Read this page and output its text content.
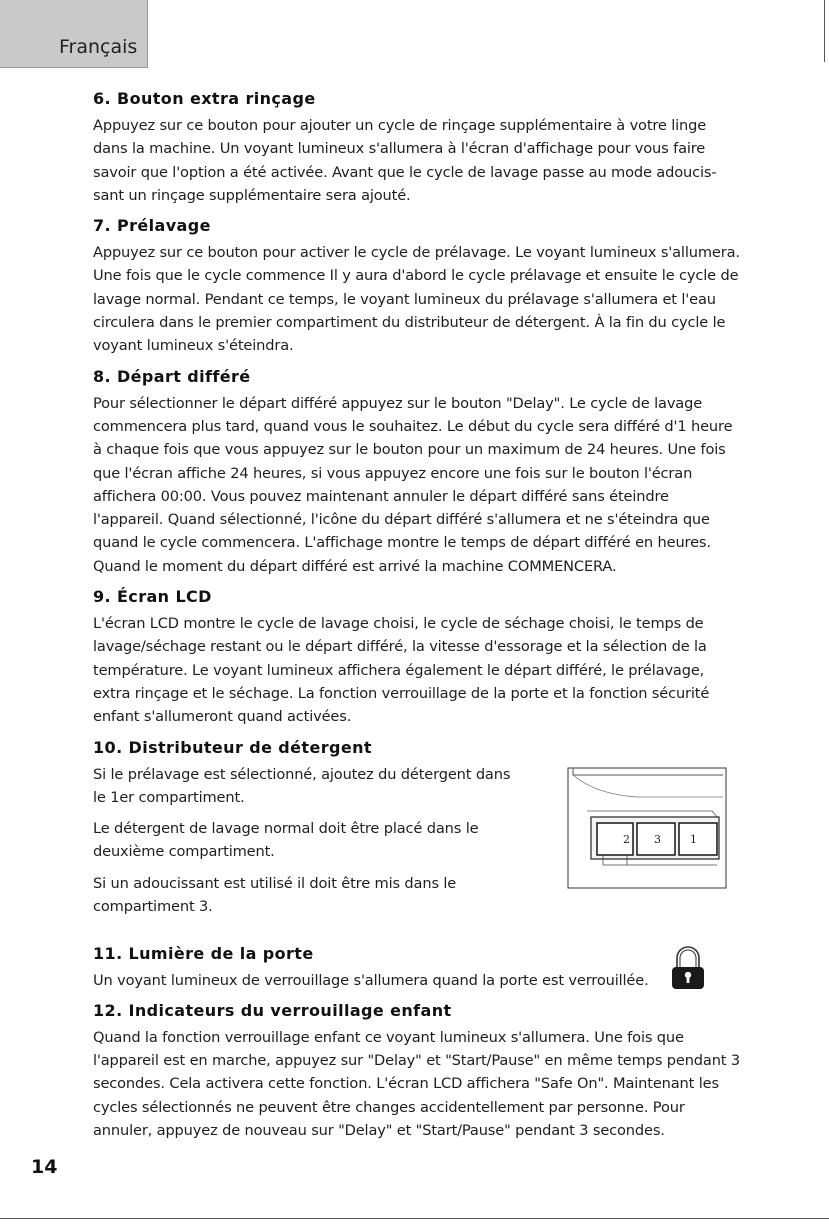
Français
6. Bouton extra rinçage

Appuyez sur ce bouton pour ajouter un cycle de rinçage supplémentaire à votre linge dans la machine. Un voyant lumineux s'allumera à l'écran d'affichage pour vous faire savoir que l'option a été activée. Avant que le cycle de lavage passe au mode adoucis-sant un rinçage supplémentaire sera ajouté.

7. Prélavage

Appuyez sur ce bouton pour activer le cycle de prélavage. Le voyant lumineux s'allumera. Une fois que le cycle commence Il y aura d'abord le cycle prélavage et ensuite le cycle de lavage normal. Pendant ce temps, le voyant lumineux du prélavage s'allumera et l'eau circulera dans le premier compartiment du distributeur de détergent. À la fin du cycle le voyant lumineux s'éteindra.

8. Départ différé

Pour sélectionner le départ différé appuyez sur le bouton "Delay". Le cycle de lavage commencera plus tard, quand vous le souhaitez. Le début du cycle sera différé d'1 heure à chaque fois que vous appuyez sur le bouton pour un maximum de 24 heures. Une fois que l'écran affiche 24 heures, si vous appuyez encore une fois sur le bouton l'écran affichera 00:00. Vous pouvez maintenant annuler le départ différé sans éteindre l'appareil. Quand sélectionné, l'icône du départ différé s'allumera et ne s'éteindra que quand le cycle commencera. L'affichage montre le temps de départ différé en heures. Quand le moment du départ différé est arrivé la machine COMMENCERA.

9. Écran LCD

L'écran LCD montre le cycle de lavage choisi, le cycle de séchage choisi, le temps de lavage/séchage restant ou le départ différé, la vitesse d'essorage et la sélection de la température. Le voyant lumineux affichera également le départ différé, le prélavage, extra rinçage et le séchage. La fonction verrouillage de la porte et la fonction sécurité enfant s'allumeront quand activées.

10. Distributeur de détergent

Si le prélavage est sélectionné, ajoutez du détergent dans le 1er compartiment.

Le détergent de lavage normal doit être placé dans le deuxième compartiment.

Si un adoucissant est utilisé il doit être mis dans le compartiment 3.

2 3	1
11. Lumière de la porte

Un voyant lumineux de verrouillage s'allumera quand la porte est verrouillée.

12. Indicateurs du verrouillage enfant

Quand la fonction verrouillage enfant ce voyant lumineux s'allumera. Une fois que l'appareil est en marche, appuyez sur "Delay" et "Start/Pause" en même temps pendant 3 secondes. Cela activera cette fonction. L'écran LCD affichera "Safe On". Maintenant les cycles sélectionnés ne peuvent être changes accidentellement par personne. Pour annuler, appuyez de nouveau sur "Delay" et "Start/Pause" pendant 3 secondes.

14
